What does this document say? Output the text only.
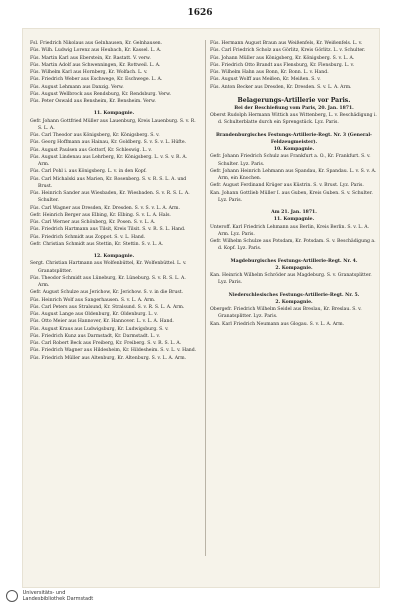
1626
Fsl. Friedrich Nikolaus aus Gelnhausen, Kr. Gelnhausen.
Füs. Wilh. Ludwig Lorenz aus Heubach, Kr. Kassel. L. A.
Füs. Martin Karl aus Eberstein, Kr. Rastatt. V. verw.
Füs. Martin Adolf aus Schwenningen, Kr. Rottweil. L. A.
Füs. Wilhelm Karl aus Hornberg, Kr. Wolfach. L. v.
Füs. Friedrich Weber aus Eschwege, Kr. Eschwege. L. A.
Füs. August Lehmann aus Danzig. Verw.
Füs. August Wellbrock aus Rendsburg, Kr. Rendsburg. Verw.
Füs. Peter Oswald aus Bensheim, Kr. Bensheim. Verw.
11. Kompagnie.
Gefr. Johann Gottfried Müller aus Lauenburg, Kreis Lauenburg. S. v. R. S. L. A.
Füs. Carl Theodor aus Königsberg, Kr. Königsberg. S. v.
Füs. Georg Hoffmann aus Hainau, Kr. Goldberg. S. v. S. v. L. Hüfte.
Füs. August Paulsen aus Gottorf, Kr. Schleswig. L. v.
Füs. August Lindenau aus Lehrberg, Kr. Königsberg. L. v. S. v. R. A. Arm.
Füs. Carl Pohl i. aus Königsberg. L. v. in den Kopf.
Füs. Carl Michalski aus Marien, Kr. Rosenberg. S. v. R. S. L. A. und Brust.
Füs. Heinrich Sander aus Wiesbaden, Kr. Wiesbaden. S. v. R. S. L. A. Schulter.
Füs. Carl Wagner aus Dresden, Kr. Dresden. S. v. S. v. L. A. Arm.
Gefr. Heinrich Berger aus Elbing, Kr. Elbing. S. v. L. A. Hals.
Füs. Carl Werner aus Schönberg, Kr. Posen. S. v. L. A.
Füs. Friedrich Hartmann aus Tilsit, Kreis Tilsit. S. v. R. S. L. Hand.
Füs. Friedrich Schmidt aus Zoppot. S. v. L. Hand.
Gefr. Christian Schmidt aus Stettin, Kr. Stettin. S. v. L. A.
12. Kompagnie.
Sergt. Christian Hartmann aus Wolfenbüttel, Kr. Wolfenbüttel. L. v. Granatsplitter.
Füs. Theodor Schmidt aus Lüneburg, Kr. Lüneburg. S. v. R. S. L. A. Arm.
Gefr. August Schulze aus Jerichow, Kr. Jerichow. S. v. in die Brust.
Füs. Heinrich Wolf aus Sangerhausen. S. v. L. A. Arm.
Füs. Carl Peters aus Stralsund, Kr. Stralsund. S. v. R. S. L. A. Arm.
Füs. August Lange aus Oldenburg, Kr. Oldenburg. L. v.
Füs. Otto Meier aus Hannover, Kr. Hannover. L. v. L. A. Hand.
Füs. August Kraus aus Ludwigsburg, Kr. Ludwigsburg. S. v.
Füs. Friedrich Kunz aus Darmstadt, Kr. Darmstadt. L. v.
Füs. Carl Robert Beck aus Freiberg, Kr. Freiberg. S. v. R. S. L. A.
Füs. Friedrich Wagner aus Hildesheim, Kr. Hildesheim. S. v. L. v. Hand.
Füs. Friedrich Müller aus Altenburg, Kr. Altenburg. S. v. L. A. Arm.
Füs. Hermann August Braun aus Weißenfels, Kr. Weißenfels. L. v.
Füs. Carl Friedrich Scholz aus Görlitz, Kreis Görlitz. L. v. Schulter.
Füs. Johann Müller aus Königsberg, Kr. Königsberg. S. v. L. A.
Füs. Friedrich Otto Brandt aus Flensburg, Kr. Flensburg. L. v.
Füs. Wilhelm Hahn aus Bonn, Kr. Bonn. L. v. Hand.
Füs. August Wolff aus Meißen, Kr. Meißen. S. v.
Füs. Anton Becker aus Dresden, Kr. Dresden. S. v. L. A. Arm.
Belagerungs-Artillerie vor Paris.
Bei der Beschießung vom Paris, 20. Jan. 1871.
Oberst Rudolph Hermann Wittich aus Wittenberg, L. v. Beschädigung i. d. Schulterblatte durch ein Sprengstück. Lyz. Paris.
Brandenburgisches Festungs-Artillerie-Regt. Nr. 3 (General-Feldzeugmeister).
10. Kompagnie.
Gefr. Johann Friedrich Schulz aus Frankfurt a. O., Kr. Frankfurt. S. v. Schulter. Lyz. Paris.
Gefr. Johann Heinrich Lehmann aus Spandau, Kr. Spandau. L. v. S. v. A. Arm, ein Knochen.
Gefr. August Ferdinand Krüger aus Küstrin. S. v. Brust. Lyz. Paris.
Kan. Johann Gottlieb Müller I. aus Guben, Kreis Guben. S. v. Schulter. Lyz. Paris.
Am 21. Jan. 1871.
11. Kompagnie.
Unteroff. Karl Friedrich Lehmann aus Berlin, Kreis Berlin. S. v. L. A. Arm. Lyz. Paris.
Gefr. Wilhelm Schulze aus Potsdam, Kr. Potsdam. S. v. Beschädigung a. d. Kopf. Lyz. Paris.
Magdeburgisches Festungs-Artillerie-Regt. Nr. 4.
2. Kompagnie.
Kan. Heinrich Wilhelm Schröder aus Magdeburg. S. v. Granatsplitter. Lyz. Paris.
Niederschlesisches Festungs-Artillerie-Regt. Nr. 5.
2. Kompagnie.
Obergefr. Friedrich Wilhelm Seidel aus Breslau, Kr. Breslau. S. v. Granatsplitter. Lyz. Paris.
Kan. Karl Friedrich Neumann aus Glogau. S. v. L. A. Arm.
Universitäts- und
Landesbibliothek Darmstadt
